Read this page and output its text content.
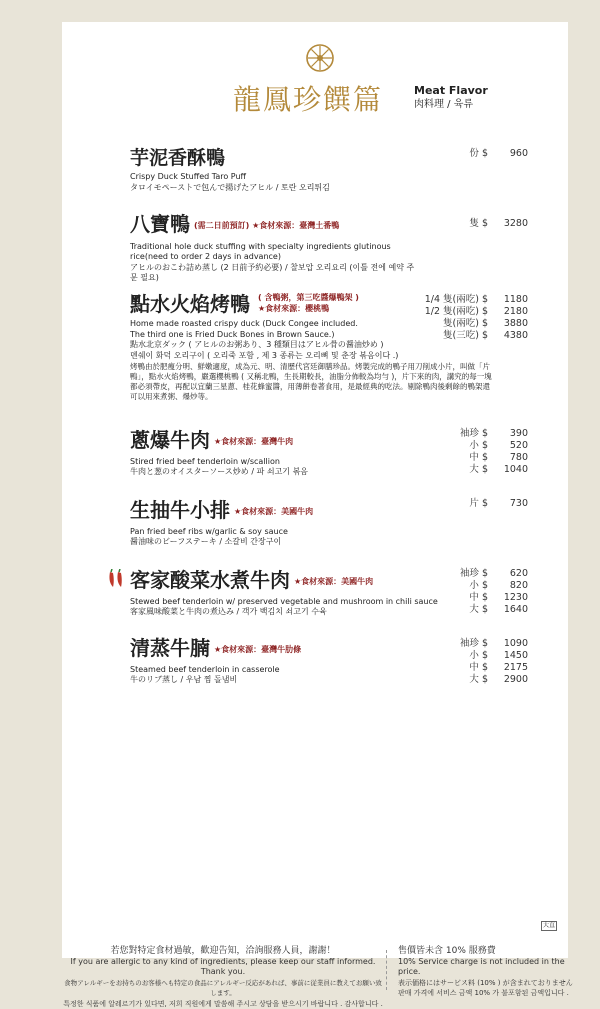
龍鳳珍饌篇	Meat Flavor
肉料理 / 육류
芋泥香酥鴨
Crispy Duck Stuffed Taro Puff
タロイモペーストで包んで揚げたアヒル / 토란 오리튀김
份 $	960
八寶鴨 (需二日前預訂) ★食材來源：臺灣土番鴨
Traditional hole duck stuffing with specialty ingredients glutinous rice(need to order 2 days in advance)
アヒルのおこわ詰め蒸し (2 日前予約必要) / 찰보압 오리요리 (이틀 전에 예약 주문 필요)
隻 $	3280
點水火焰烤鴨 ( 含鴨粥，第三吃醬爆鴨架 )
★食材來源：櫻桃鴨
Home made roasted crispy duck (Duck Congee included. The third one is Fried Duck Bones in Brown Sauce.)
點水北京ダック ( アヒルのお粥あり、3 種類目はアヒル骨の醤油炒め )
뎬쉐이 화덕 오리구이 ( 오리죽 포함 , 제 3 종류는 오리뼈 및 춘장 볶음이다 .)
烤鴨由於肥瘦分明、鮮嫩適度，成為元、明、清歷代宮廷御膳珍品。烤製完成的鴨子用刀削成小片，叫做「片鴨」，點水火焰烤鴨，嚴選櫻桃鴨 ( 又稱北鴨，生長期較長，油脂分佈較為均勻 )，片下來的肉，講究的每一塊都必須帶皮，再配以宜蘭三星蔥、桂花蜂蜜醬，用薄餅卷著食用，是最經典的吃法。剔除鴨肉後剩餘的鴨架還可以用來煮粥、爆炒等。
1/4 隻(兩吃) $	1180
1/2 隻(兩吃) $	2180
隻(兩吃) $	3880
隻(三吃) $	4380
蔥爆牛肉 ★食材來源：臺灣牛肉
Stired fried beef tenderloin w/scallion
牛肉と葱のオイスターソース炒め / 파 쇠고기 볶음
袖珍 $	390
小 $	520
中 $	780
大 $	1040
生抽牛小排 ★食材來源：美國牛肉
Pan fried beef ribs w/garlic & soy sauce
醤油味のビーフステーキ / 소갈비 간장구이
片 $	730
客家酸菜水煮牛肉 ★食材來源：美國牛肉
Stewed beef tenderloin w/ preserved vegetable and mushroom in chili sauce
客家風味酸菜と牛肉の煮込み / 객가 백김치 쇠고기 수육
袖珍 $	620
小 $	820
中 $	1230
大 $	1640
清蒸牛腩 ★食材來源：臺灣牛肋條
Steamed beef tenderloin in casserole
牛のリブ蒸し / 우남 찜 돌냄비
袖珍 $	1090
小 $	1450
中 $	2175
大 $	2900
大直
若您對特定食材過敏，歡迎告知，洽詢服務人員，謝謝！
If you are allergic to any kind of ingredients, please keep our staff informed. Thank you.
食物アレルギーをお持ちのお客様へも特定の食品にアレルギー反応があれば、事前に従業員に教えてお願い致します。
특정한 식품에 알레르기가 있다면, 저희 직원에게 말씀해 주시고 상담을 받으시기 바랍니다 . 감사합니다 .
售價皆未含 10% 服務費
10% Service charge is not included in the price.
表示価格にはサービス料 (10% ) が含まれておりません
판매 가격에 서비스 금액 10% 가 불포함된 금액입니다 .
